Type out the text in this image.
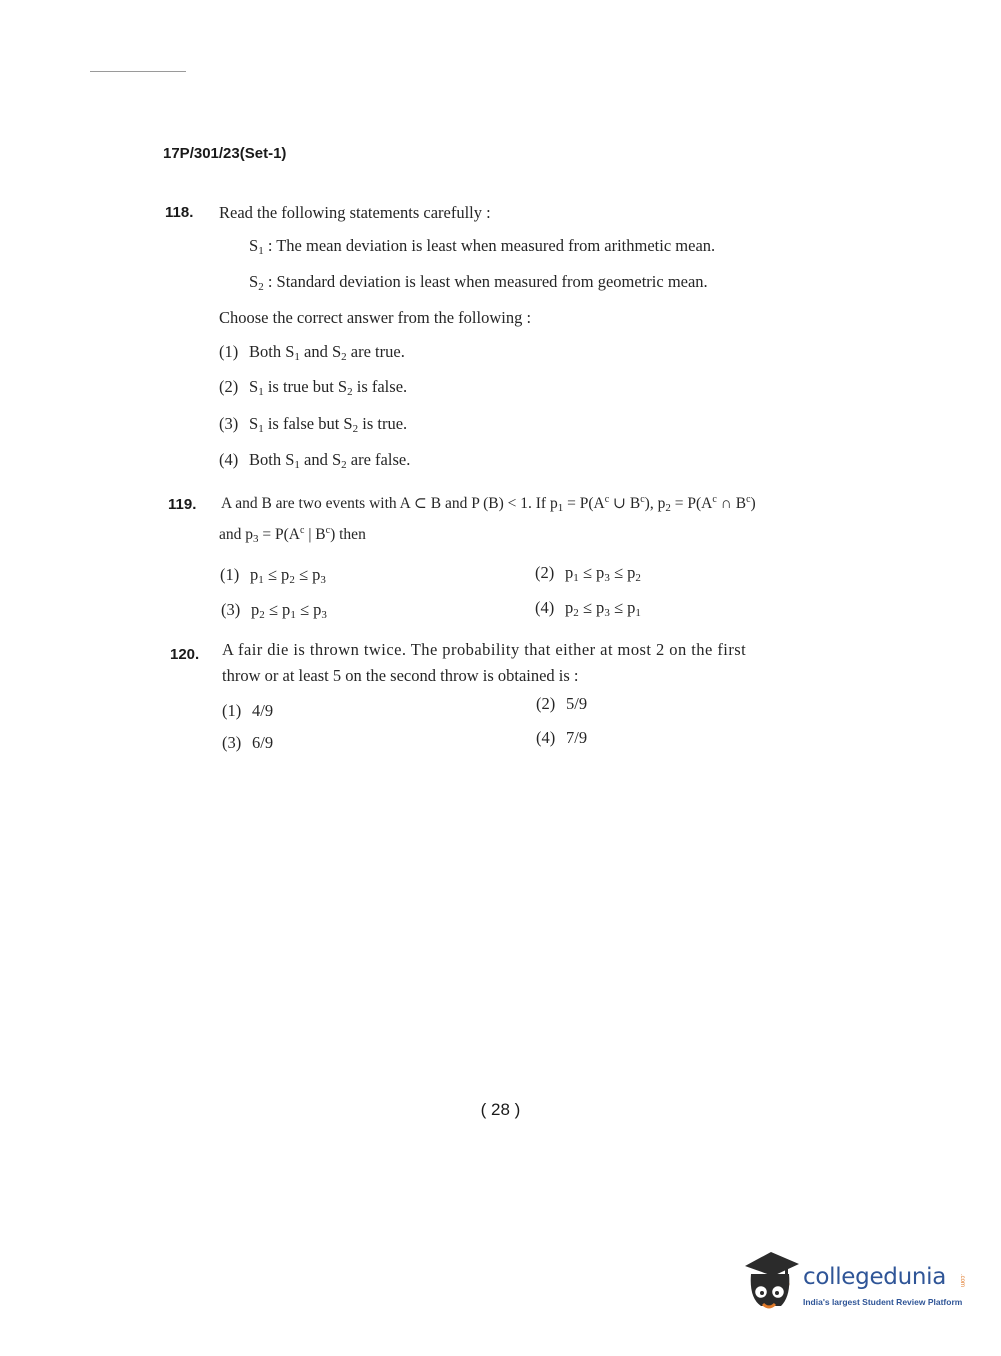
17P/301/23(Set-1)
118. Read the following statements carefully :
$S_1$ : The mean deviation is least when measured from arithmetic mean.
$S_2$ : Standard deviation is least when measured from geometric mean.
Choose the correct answer from the following :
(1) Both $S_1$ and $S_2$ are true.
(2) $S_1$ is true but $S_2$ is false.
(3) $S_1$ is false but $S_2$ is true.
(4) Both $S_1$ and $S_2$ are false.
119. A and B are two events with A ⊂ B and P (B) < 1. If $p_1 = P(A^c$ ∪ $B^c$), $p_2 = P(A^c$ ∩ $B^c$)
and $p_3 = P(A^c$ | $B^c$) then
(1) $p_1 \le p_2 \le p_3$	(2) $p_1 \le p_3 \le p_2$
(3) $p_2 \le p_1 \le p_3$	(4) $p_2 \le p_3 \le p_1$
120. A fair die is thrown twice. The probability that either at most 2 on the first
throw or at least 5 on the second throw is obtained is :
(1) 4/9	(2) 5/9
(3) 6/9	(4) 7/9
( 28 )
collegedunia .com
India's largest Student Review Platform
